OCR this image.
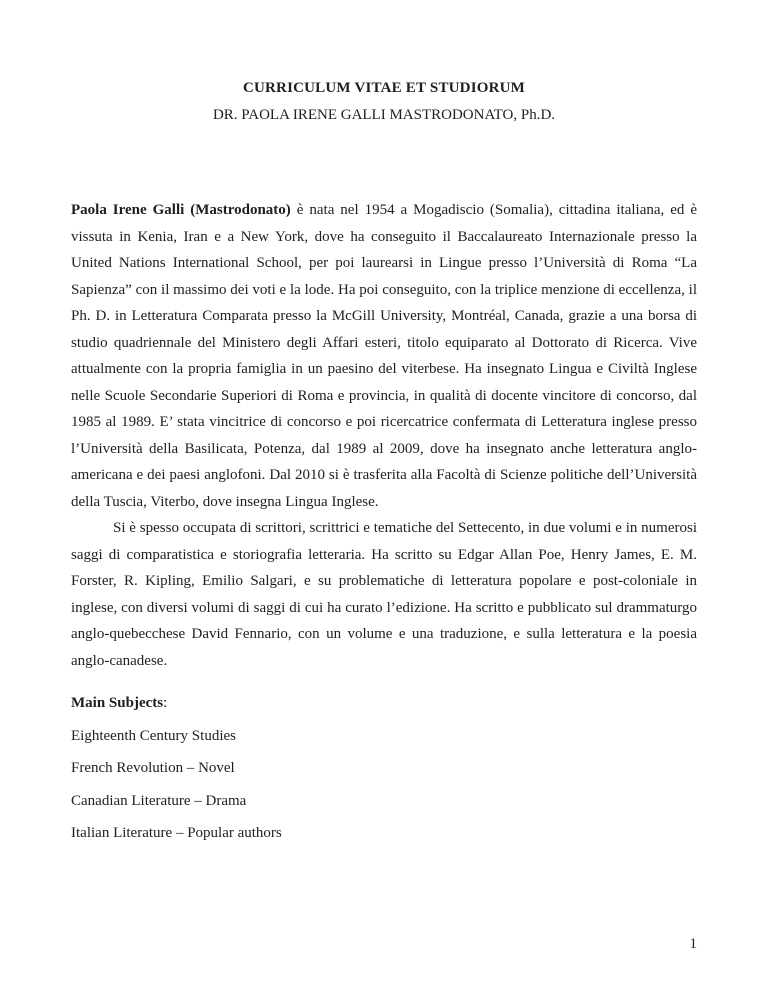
CURRICULUM VITAE ET STUDIORUM
DR. PAOLA IRENE GALLI MASTRODONATO, Ph.D.

Paola Irene Galli (Mastrodonato) è nata nel 1954 a Mogadiscio (Somalia), cittadina italiana, ed è vissuta in Kenia, Iran e a New York, dove ha conseguito il Baccalaureato Internazionale presso la United Nations International School, per poi laurearsi in Lingue presso l’Università di Roma “La Sapienza” con il massimo dei voti e la lode. Ha poi conseguito, con la triplice menzione di eccellenza, il Ph. D. in Letteratura Comparata presso la McGill University, Montréal, Canada, grazie a una borsa di studio quadriennale del Ministero degli Affari esteri, titolo equiparato al Dottorato di Ricerca. Vive attualmente con la propria famiglia in un paesino del viterbese. Ha insegnato Lingua e Civiltà Inglese nelle Scuole Secondarie Superiori di Roma e provincia, in qualità di docente vincitore di concorso, dal 1985 al 1989. E’ stata vincitrice di concorso e poi ricercatrice confermata di Letteratura inglese presso l’Università della Basilicata, Potenza, dal 1989 al 2009, dove ha insegnato anche letteratura anglo-americana e dei paesi anglofoni. Dal 2010 si è trasferita alla Facoltà di Scienze politiche dell’Università della Tuscia, Viterbo, dove insegna Lingua Inglese.

Si è spesso occupata di scrittori, scrittrici e tematiche del Settecento, in due volumi e in numerosi saggi di comparatistica e storiografia letteraria. Ha scritto su Edgar Allan Poe, Henry James, E. M. Forster, R. Kipling, Emilio Salgari, e su problematiche di letteratura popolare e post-coloniale in inglese, con diversi volumi di saggi di cui ha curato l’edizione. Ha scritto e pubblicato sul drammaturgo anglo-quebecchese David Fennario, con un volume e una traduzione, e sulla letteratura e la poesia anglo-canadese.

Main Subjects:
Eighteenth Century Studies
French Revolution – Novel
Canadian Literature – Drama
Italian Literature – Popular authors
1
